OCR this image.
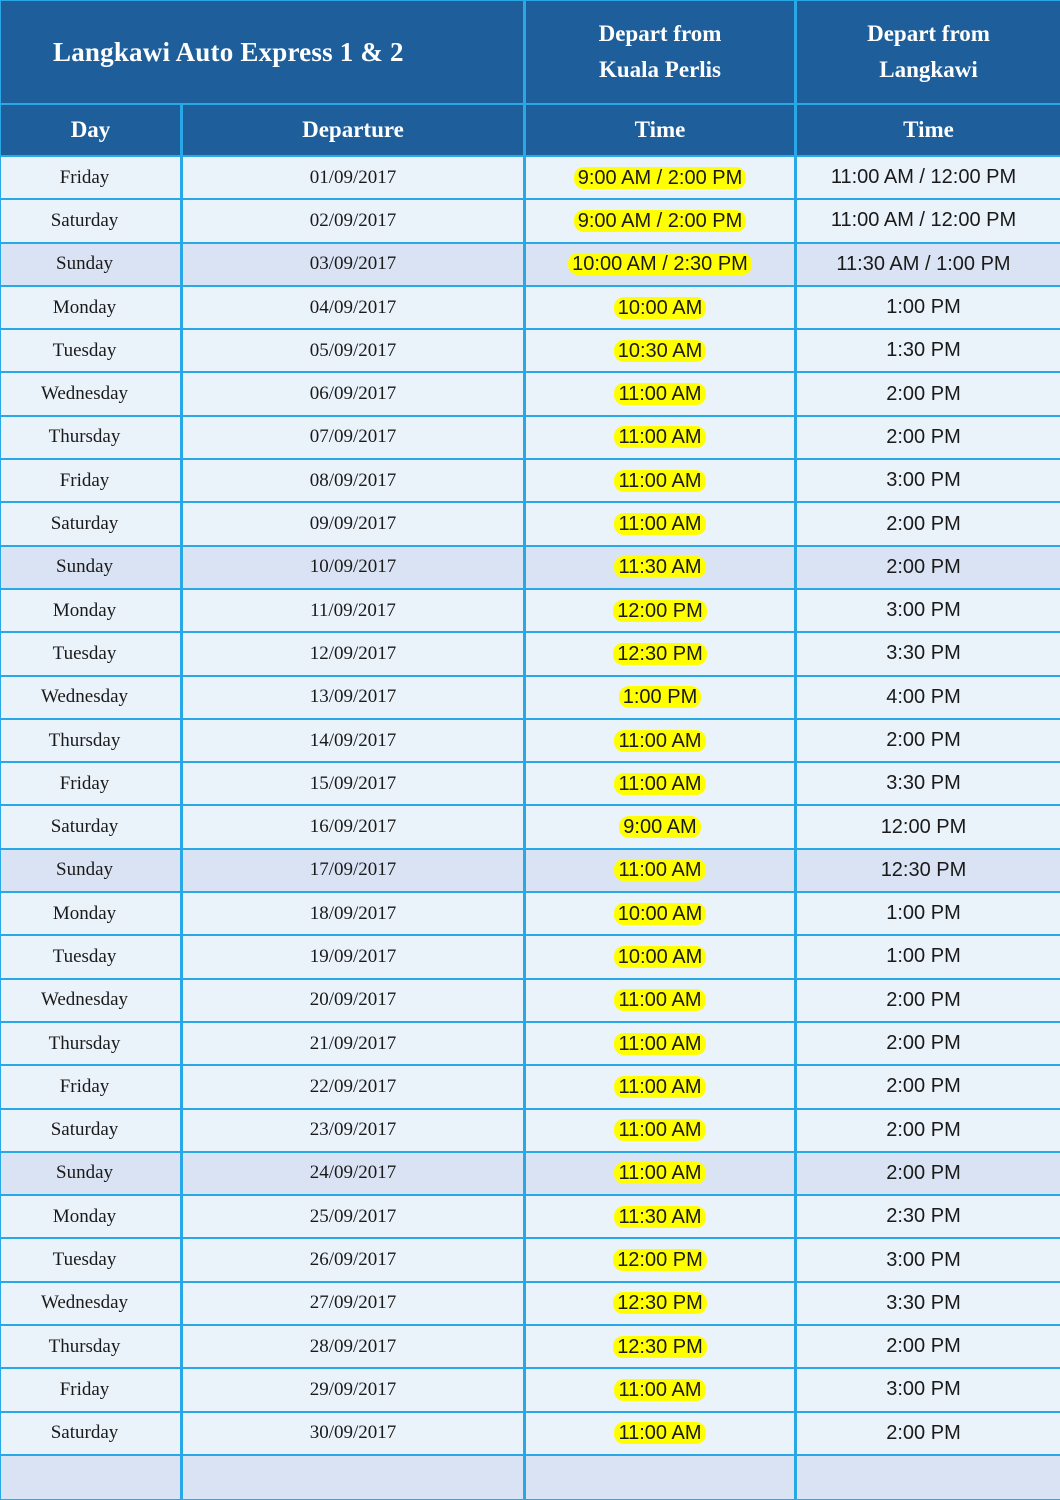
Langkawi Auto Express 1 & 2
Depart from
Kuala Perlis
Depart from
Langkawi
Day	Departure	Time	Time
Friday	01/09/2017	9:00 AM / 2:00 PM	11:00 AM / 12:00 PM
Saturday	02/09/2017	9:00 AM / 2:00 PM	11:00 AM / 12:00 PM
Sunday	03/09/2017	10:00 AM / 2:30 PM	11:30 AM / 1:00 PM
Monday	04/09/2017	10:00 AM	1:00 PM
Tuesday	05/09/2017	10:30 AM	1:30 PM
Wednesday	06/09/2017	11:00 AM	2:00 PM
Thursday	07/09/2017	11:00 AM	2:00 PM
Friday	08/09/2017	11:00 AM	3:00 PM
Saturday	09/09/2017	11:00 AM	2:00 PM
Sunday	10/09/2017	11:30 AM	2:00 PM
Monday	11/09/2017	12:00 PM	3:00 PM
Tuesday	12/09/2017	12:30 PM	3:30 PM
Wednesday	13/09/2017	1:00 PM	4:00 PM
Thursday	14/09/2017	11:00 AM	2:00 PM
Friday	15/09/2017	11:00 AM	3:30 PM
Saturday	16/09/2017	9:00 AM	12:00 PM
Sunday	17/09/2017	11:00 AM	12:30 PM
Monday	18/09/2017	10:00 AM	1:00 PM
Tuesday	19/09/2017	10:00 AM	1:00 PM
Wednesday	20/09/2017	11:00 AM	2:00 PM
Thursday	21/09/2017	11:00 AM	2:00 PM
Friday	22/09/2017	11:00 AM	2:00 PM
Saturday	23/09/2017	11:00 AM	2:00 PM
Sunday	24/09/2017	11:00 AM	2:00 PM
Monday	25/09/2017	11:30 AM	2:30 PM
Tuesday	26/09/2017	12:00 PM	3:00 PM
Wednesday	27/09/2017	12:30 PM	3:30 PM
Thursday	28/09/2017	12:30 PM	2:00 PM
Friday	29/09/2017	11:00 AM	3:00 PM
Saturday	30/09/2017	11:00 AM	2:00 PM
